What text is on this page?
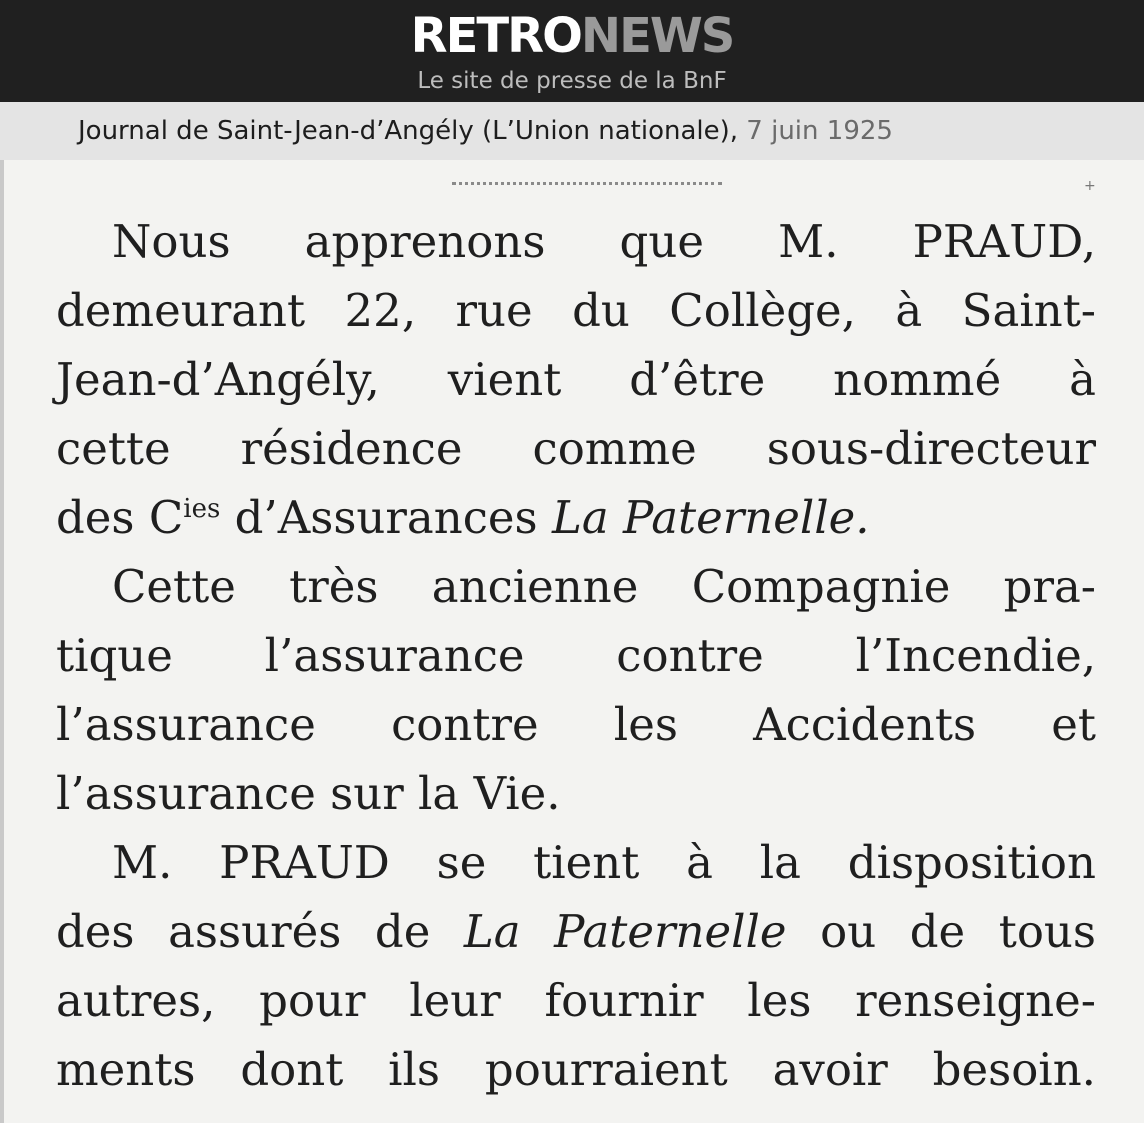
RETRONEWS
Le site de presse de la BnF
Journal de Saint-Jean-d’Angély (L’Union nationale), 7 juin 1925
+
Nous apprenons que M. PRAUD,
demeurant 22, rue du Collège, à Saint-
Jean-d’Angély, vient d’être nommé à
cette résidence comme sous-directeur
des $C^{ies}$ d’Assurances La Paternelle.
Cette très ancienne Compagnie pra-
tique l’assurance contre l’Incendie,
l’assurance contre les Accidents et
l’assurance sur la Vie.
M. PRAUD se tient à la disposition
des assurés de La Paternelle ou de tous
autres, pour leur fournir les renseigne-
ments dont ils pourraient avoir besoin.
